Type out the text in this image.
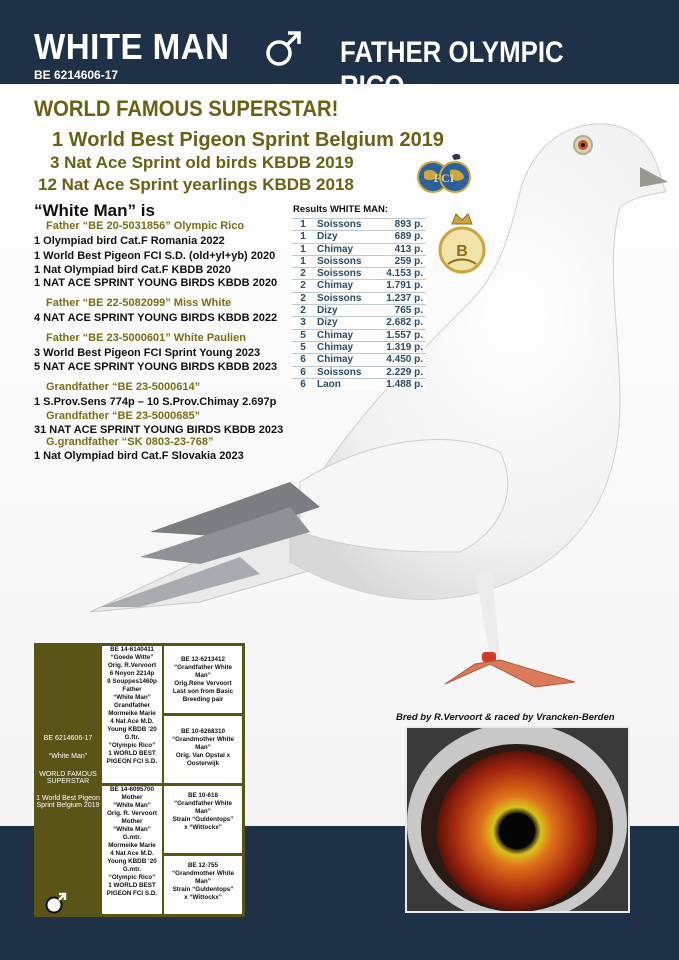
WHITE MAN	FATHER OLYMPIC RICO
BE 6214606-17
WORLD FAMOUS SUPERSTAR!
1 World Best Pigeon Sprint Belgium 2019
3 Nat Ace Sprint old birds KBDB 2019
12 Nat Ace Sprint yearlings KBDB 2018
“White Man” is
Father “BE 20-5031856” Olympic Rico
1 Olympiad bird Cat.F Romania 2022
1 World Best Pigeon FCI S.D. (old+yl+yb) 2020
1 Nat Olympiad bird Cat.F KBDB 2020
1 NAT ACE SPRINT YOUNG BIRDS KBDB 2020
Father “BE 22-5082099” Miss White
4 NAT ACE SPRINT YOUNG BIRDS KBDB 2022
Father “BE 23-5000601” White Paulien
3 World Best Pigeon FCI Sprint Young 2023
5 NAT ACE SPRINT YOUNG BIRDS KBDB 2023
Grandfather “BE 23-5000614”
1 S.Prov.Sens 774p – 10 S.Prov.Chimay 2.697p
Grandfather “BE 23-5000685”
31 NAT ACE SPRINT YOUNG BIRDS KBDB 2023
G.grandfather “SK 0803-23-768”
1 Nat Olympiad bird Cat.F Slovakia 2023
Results WHITE MAN:
1	Soissons	893 p.
1	Dizy	689 p.
1	Chimay	413 p.
1	Soissons	259 p.
2	Soissons	4.153 p.
2	Chimay	1.791 p.
2	Soissons	1.237 p.
2	Dizy	765 p.
3	Dizy	2.682 p.
5	Chimay	1.557 p.
5	Chimay	1.319 p.
6	Chimay	4.450 p.
6	Soissons	2.229 p.
6	Laon	1.488 p.
FCI
B
Bred by R.Vervoort & raced by Vrancken-Berden
BE 6214606-17
“White Man”
WORLD FAMOUS SUPERSTAR
1 World Best Pigeon Sprint Belgium 2019
BE 14-6140411
“Goede Witte”
Orig. R.Vervoort
6 Noyon 2214p
9 Souppes1460p
Father
“White Man”
Grandfather
Mormeike Marie
4 Nat Ace M.D.
Young KBDB ’20
G.ftr.
“Olympic Rico”
1 WORLD BEST
PIGEON FCI S.D.
BE 14-6095700
Mother
“White Man”
Orig. R. Vervoort
Mother
“White Man”
G.mtr.
Mormeike Marie
4 Nat Ace M.D.
Young KBDB ’20
G.mtr.
“Olympic Rico”
1 WORLD BEST
PIGEON FCI S.D.
BE 12-6213412
“Grandfather White
Man”
Orig.Rene Vervoort
Last son from Basic
Breeding pair
BE 10-6268310
“Grandmother White
Man”
Orig. Van Opstal x
Oosterwijk
BE 10-618
“Grandfather White
Man”
Strain “Guldentops”
x “Wittockx”
BE 12-755
“Grandmother White
Man”
Strain “Guldentops”
x “Wittockx”
